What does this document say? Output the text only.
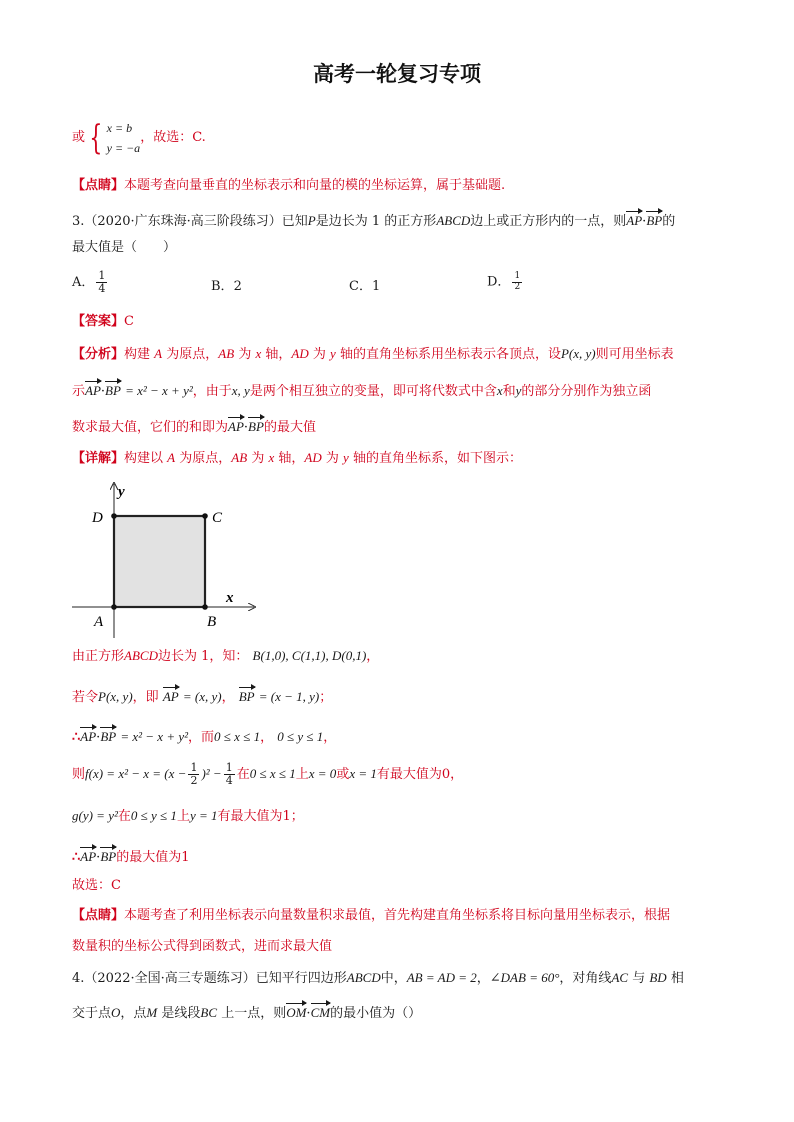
高考一轮复习专项
或 { x = b
y = −a
，故选：C.
【点睛】本题考查向量垂直的坐标表示和向量的模的坐标运算，属于基础题.
3.（2020·广东珠海·高三阶段练习）已知P是边长为 1 的正方形ABCD边上或正方形内的一点，则AP·BP的
最大值是（　　）
A． $\frac{1}{4}$	B．2	C．1	D． $\frac{1}{2}$
【答案】C
【分析】构建 A 为原点，AB 为 x 轴，AD 为 y 轴的直角坐标系用坐标表示各顶点，设P(x, y)则可用坐标表
示AP·BP = x² − x + y²，由于x, y是两个相互独立的变量，即可将代数式中含x和y的部分分别作为独立函
数求最大值，它们的和即为AP·BP的最大值
【详解】构建以 A 为原点，AB 为 x 轴，AD 为 y 轴的直角坐标系，如下图示：
y
x
D	C
A	B
由正方形ABCD边长为 1，知： B(1,0), C(1,1), D(0,1)，
若令P(x, y)，即 AP = (x, y)， BP = (x − 1, y)；
∴AP·BP = x² − x + y²，而0 ≤ x ≤ 1， 0 ≤ y ≤ 1，
则$f(x) = x^2 - x = (x - \frac{1}{2} )^2 - \frac{1}{4}$ 在0 ≤ x ≤ 1上x = 0或x = 1有最大值为0，
g(y) = y²在0 ≤ y ≤ 1上y = 1有最大值为1；
∴AP·BP的最大值为1
故选：C
【点睛】本题考查了利用坐标表示向量数量积求最值，首先构建直角坐标系将目标向量用坐标表示，根据
数量积的坐标公式得到函数式，进而求最大值
4.（2022·全国·高三专题练习）已知平行四边形ABCD中，AB = AD = 2，∠DAB = 60°，对角线AC 与 BD 相
交于点O，点M 是线段BC 上一点，则OM·CM的最小值为（）
